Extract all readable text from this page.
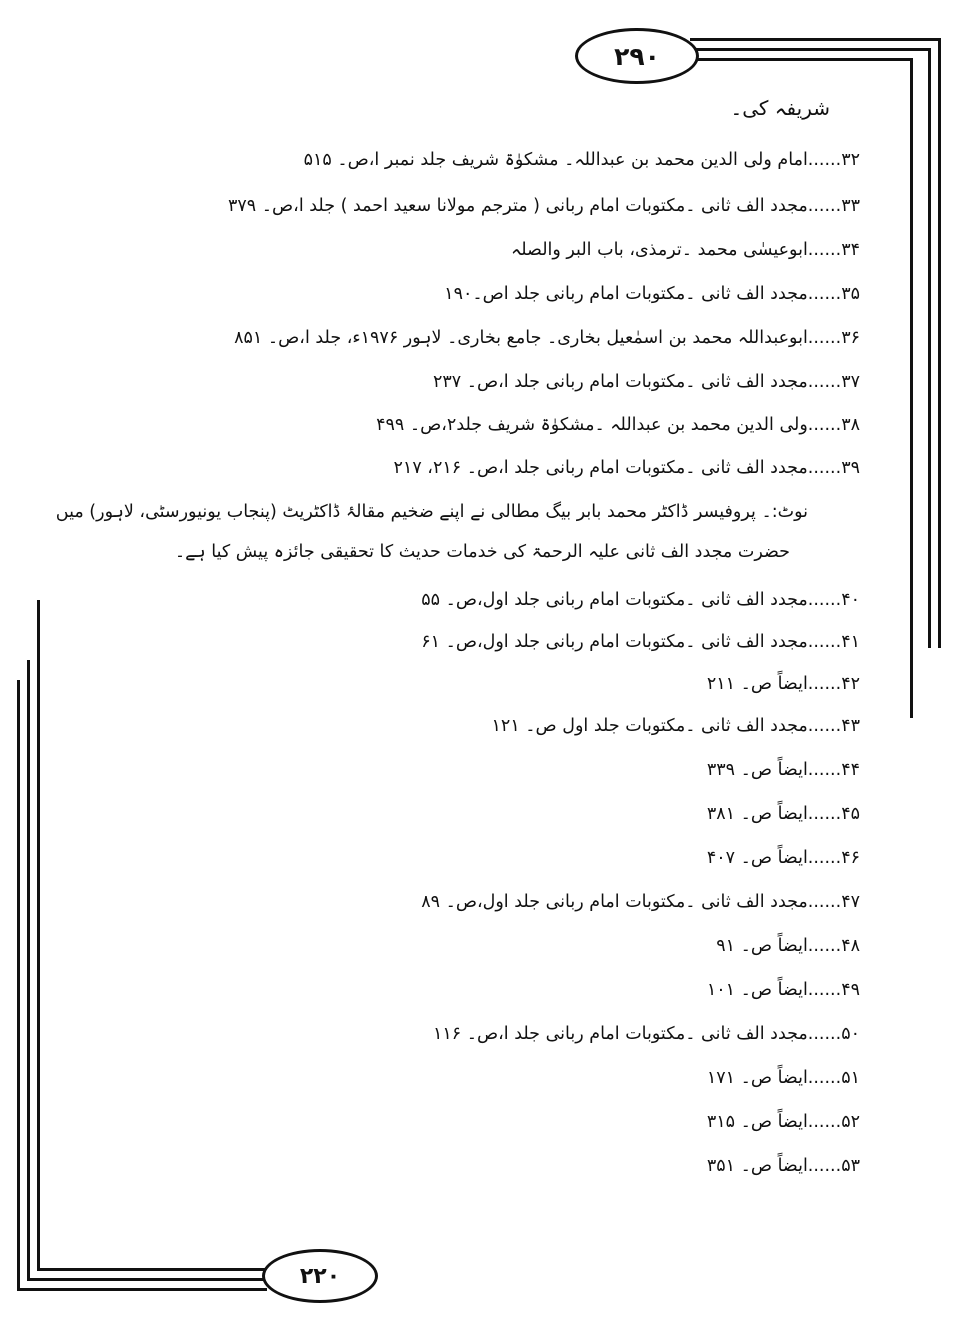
۲۹۰
۲۲۰
شریفہ کی۔
۳۲......امام ولی الدین محمد بن عبداللہ۔ مشکوٰۃ شریف جلد نمبر ا،ص۔ ۵۱۵
۳۳......مجدد الف ثانی ۔مکتوبات امام ربانی ( مترجم مولانا سعید احمد ) جلد ا،ص۔ ۳۷۹
۳۴......ابوعیسٰی محمد ۔ترمذی، باب البر والصلہ
۳۵......مجدد الف ثانی ۔مکتوبات امام ربانی جلد اص۔۱۹۰
۳۶......ابوعبداللہ محمد بن اسمٰعیل بخاری۔ جامع بخاری۔ لاہور ۱۹۷۶ء، جلد ا،ص۔ ۸۵۱
۳۷......مجدد الف ثانی ۔مکتوبات امام ربانی جلد ا،ص۔ ۲۳۷
۳۸......ولی الدین محمد بن عبداللہ ۔مشکوٰۃ شریف جلد۲،ص۔ ۴۹۹
۳۹......مجدد الف ثانی ۔مکتوبات امام ربانی جلد ا،ص۔ ۲۱۶، ۲۱۷
نوٹ:۔ پروفیسر ڈاکٹر محمد بابر بیگ مطالی نے اپنے ضخیم مقالۂ ڈاکٹریٹ (پنجاب یونیورسٹی، لاہور) میں
حضرت مجدد الف ثانی علیہ الرحمۃ کی خدمات حدیث کا تحقیقی جائزہ پیش کیا ہے۔
۴۰......مجدد الف ثانی ۔مکتوبات امام ربانی جلد اول،ص۔ ۵۵
۴۱......مجدد الف ثانی ۔مکتوبات امام ربانی جلد اول،ص۔ ۶۱
۴۲......ایضاً ص۔ ۲۱۱
۴۳......مجدد الف ثانی ۔مکتوبات جلد اول ص۔ ۱۲۱
۴۴......ایضاً ص۔ ۳۳۹
۴۵......ایضاً ص۔ ۳۸۱
۴۶......ایضاً ص۔ ۴۰۷
۴۷......مجدد الف ثانی ۔مکتوبات امام ربانی جلد اول،ص۔ ۸۹
۴۸......ایضاً ص۔ ۹۱
۴۹......ایضاً ص۔ ۱۰۱
۵۰......مجدد الف ثانی ۔مکتوبات امام ربانی جلد ا،ص۔ ۱۱۶
۵۱......ایضاً ص۔ ۱۷۱
۵۲......ایضاً ص۔ ۳۱۵
۵۳......ایضاً ص۔ ۳۵۱
